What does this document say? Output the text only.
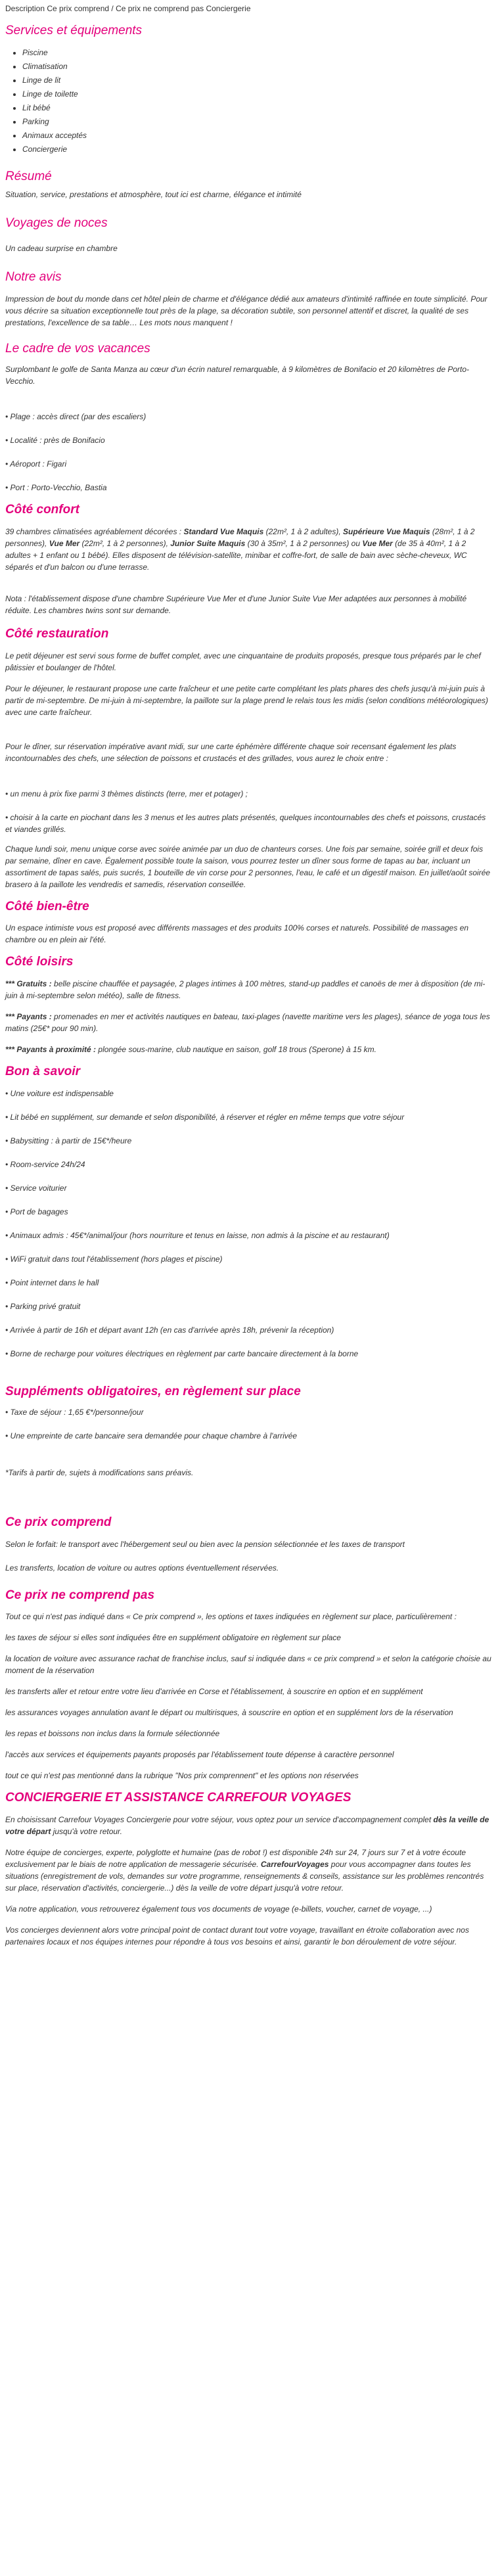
Description Ce prix comprend / Ce prix ne comprend pas Conciergerie

Services et équipements
• Piscine
• Climatisation
• Linge de lit
• Linge de toilette
• Lit bébé
• Parking
• Animaux acceptés
• Conciergerie
Résumé

Situation, service, prestations et atmosphère, tout ici est charme, élégance et intimité

Voyages de noces

Un cadeau surprise en chambre

Notre avis

Impression de bout du monde dans cet hôtel plein de charme et d'élégance dédié aux amateurs d'intimité raffinée en toute simplicité. Pour vous décrire sa situation exceptionnelle tout près de la plage, sa décoration subtile, son personnel attentif et discret, la qualité de ses prestations, l'excellence de sa table… Les mots nous manquent !

Le cadre de vos vacances

Surplombant le golfe de Santa Manza au cœur d'un écrin naturel remarquable, à 9 kilomètres de Bonifacio et 20 kilomètres de Porto-Vecchio.

• Plage : accès direct (par des escaliers)

• Localité : près de Bonifacio

• Aéroport : Figari

• Port : Porto-Vecchio, Bastia

Côté confort

39 chambres climatisées agréablement décorées : Standard Vue Maquis (22m², 1 à 2 adultes), Supérieure Vue Maquis (28m², 1 à 2 personnes), Vue Mer (22m², 1 à 2 personnes), Junior Suite Maquis (30 à 35m², 1 à 2 personnes) ou Vue Mer (de 35 à 40m², 1 à 2 adultes + 1 enfant ou 1 bébé). Elles disposent de télévision-satellite, minibar et coffre-fort, de salle de bain avec sèche-cheveux, WC séparés et d'un balcon ou d'une terrasse.

Nota : l'établissement dispose d'une chambre Supérieure Vue Mer et d'une Junior Suite Vue Mer adaptées aux personnes à mobilité réduite. Les chambres twins sont sur demande.

Côté restauration

Le petit déjeuner est servi sous forme de buffet complet, avec une cinquantaine de produits proposés, presque tous préparés par le chef pâtissier et boulanger de l'hôtel.

Pour le déjeuner, le restaurant propose une carte fraîcheur et une petite carte complétant les plats phares des chefs jusqu'à mi-juin puis à partir de mi-septembre. De mi-juin à mi-septembre, la paillote sur la plage prend le relais tous les midis (selon conditions météorologiques) avec une carte fraîcheur.

Pour le dîner, sur réservation impérative avant midi, sur une carte éphémère différente chaque soir recensant également les plats incontournables des chefs, une sélection de poissons et crustacés et des grillades, vous aurez le choix entre :

• un menu à prix fixe parmi 3 thèmes distincts (terre, mer et potager) ;

• choisir à la carte en piochant dans les 3 menus et les autres plats présentés, quelques incontournables des chefs et poissons, crustacés et viandes grillés.

Chaque lundi soir, menu unique corse avec soirée animée par un duo de chanteurs corses. Une fois par semaine, soirée grill et deux fois par semaine, dîner en cave. Également possible toute la saison, vous pourrez tester un dîner sous forme de tapas au bar, incluant un assortiment de tapas salés, puis sucrés, 1 bouteille de vin corse pour 2 personnes, l'eau, le café et un digestif maison. En juillet/août soirée brasero à la paillote les vendredis et samedis, réservation conseillée.

Côté bien-être

Un espace intimiste vous est proposé avec différents massages et des produits 100% corses et naturels. Possibilité de massages en chambre ou en plein air l'été.

Côté loisirs

*** Gratuits : belle piscine chauffée et paysagée, 2 plages intimes à 100 mètres, stand-up paddles et canoës de mer à disposition (de mi-juin à mi-septembre selon météo), salle de fitness.

*** Payants : promenades en mer et activités nautiques en bateau, taxi-plages (navette maritime vers les plages), séance de yoga tous les matins (25€* pour 90 min).

*** Payants à proximité : plongée sous-marine, club nautique en saison, golf 18 trous (Sperone) à 15 km.

Bon à savoir

• Une voiture est indispensable

• Lit bébé en supplément, sur demande et selon disponibilité, à réserver et régler en même temps que votre séjour

• Babysitting : à partir de 15€*/heure

• Room-service 24h/24

• Service voiturier

• Port de bagages

• Animaux admis : 45€*/animal/jour (hors nourriture et tenus en laisse, non admis à la piscine et au restaurant)

• WiFi gratuit dans tout l'établissement (hors plages et piscine)

• Point internet dans le hall

• Parking privé gratuit

• Arrivée à partir de 16h et départ avant 12h (en cas d'arrivée après 18h, prévenir la réception)

• Borne de recharge pour voitures électriques en règlement par carte bancaire directement à la borne

Suppléments obligatoires, en règlement sur place

• Taxe de séjour : 1,65 €*/personne/jour

• Une empreinte de carte bancaire sera demandée pour chaque chambre à l'arrivée

*Tarifs à partir de, sujets à modifications sans préavis.

Ce prix comprend

Selon le forfait: le transport avec l'hébergement seul ou bien avec la pension sélectionnée et les taxes de transport

Les transferts, location de voiture ou autres options éventuellement réservées.

Ce prix ne comprend pas

Tout ce qui n'est pas indiqué dans « Ce prix comprend », les options et taxes indiquées en règlement sur place, particulièrement :

les taxes de séjour si elles sont indiquées être en supplément obligatoire en règlement sur place

la location de voiture avec assurance rachat de franchise inclus, sauf si indiquée dans « ce prix comprend » et selon la catégorie choisie au moment de la réservation

les transferts aller et retour entre votre lieu d'arrivée en Corse et l'établissement, à souscrire en option et en supplément

les assurances voyages annulation avant le départ ou multirisques, à souscrire en option et en supplément lors de la réservation

les repas et boissons non inclus dans la formule sélectionnée

l'accès aux services et équipements payants proposés par l'établissement toute dépense à caractère personnel

tout ce qui n'est pas mentionné dans la rubrique "Nos prix comprennent" et les options non réservées

CONCIERGERIE ET ASSISTANCE CARREFOUR VOYAGES

En choisissant Carrefour Voyages Conciergerie pour votre séjour, vous optez pour un service d'accompagnement complet dès la veille de votre départ jusqu'à votre retour.

Notre équipe de concierges, experte, polyglotte et humaine (pas de robot !) est disponible 24h sur 24, 7 jours sur 7 et à votre écoute exclusivement par le biais de notre application de messagerie sécurisée. CarrefourVoyages pour vous accompagner dans toutes les situations (enregistrement de vols, demandes sur votre programme, renseignements & conseils, assistance sur les problèmes rencontrés sur place, réservation d'activités, conciergerie...) dès la veille de votre départ jusqu'à votre retour.

Via notre application, vous retrouverez également tous vos documents de voyage (e-billets, voucher, carnet de voyage, ...)

Vos concierges deviennent alors votre principal point de contact durant tout votre voyage, travaillant en étroite collaboration avec nos partenaires locaux et nos équipes internes pour répondre à tous vos besoins et ainsi, garantir le bon déroulement de votre séjour.
